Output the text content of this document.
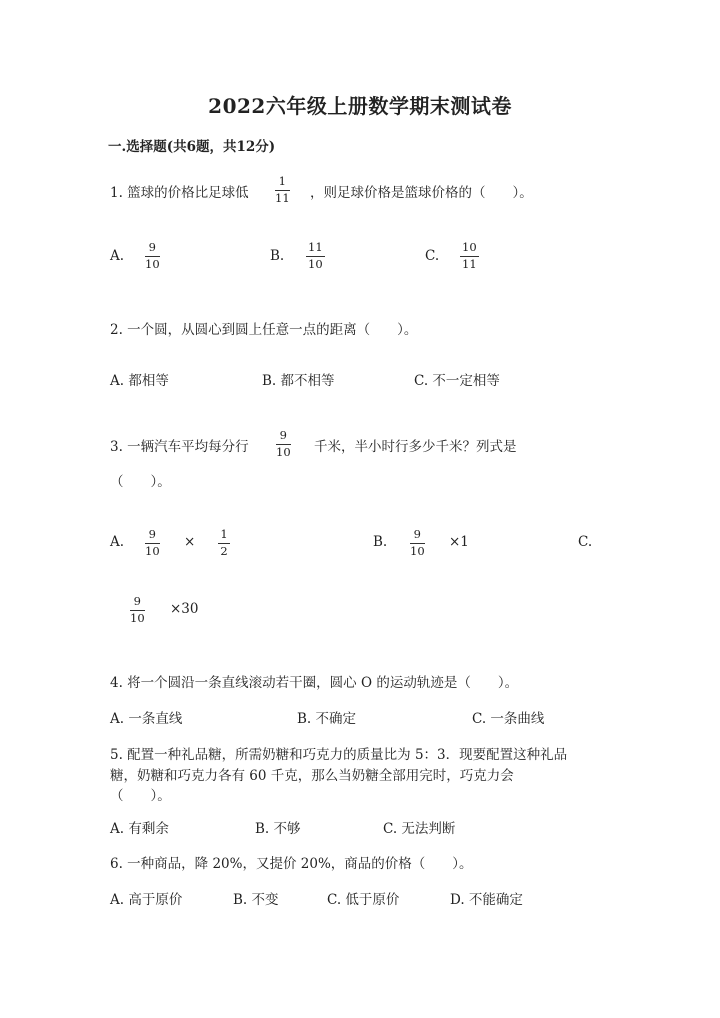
2022六年级上册数学期末测试卷
一.选择题(共6题，共12分)
1. 篮球的价格比足球低
1
11 ，则足球价格是篮球价格的（　　）。
A.
9
10	B.
11
10	C.
10
11
2. 一个圆，从圆心到圆上任意一点的距离（　　）。
A. 都相等	B. 都不相等	C. 不一定相等
3. 一辆汽车平均每分行
9
10 千米，半小时行多少千米？列式是
（　　）。
A. 9
10
× 1
2
B. 9
10
×1	C.
9
10
×30
4. 将一个圆沿一条直线滚动若干圈，圆心 O 的运动轨迹是（　　）。
A. 一条直线	B. 不确定	C. 一条曲线
5. 配置一种礼品糖，所需奶糖和巧克力的质量比为 5：3．现要配置这种礼品
糖，奶糖和巧克力各有 60 千克，那么当奶糖全部用完时，巧克力会
（　　）。
A. 有剩余	B. 不够	C. 无法判断
6. 一种商品，降 20%，又提价 20%，商品的价格（　　）。
A. 高于原价	B. 不变	C. 低于原价	D. 不能确定
